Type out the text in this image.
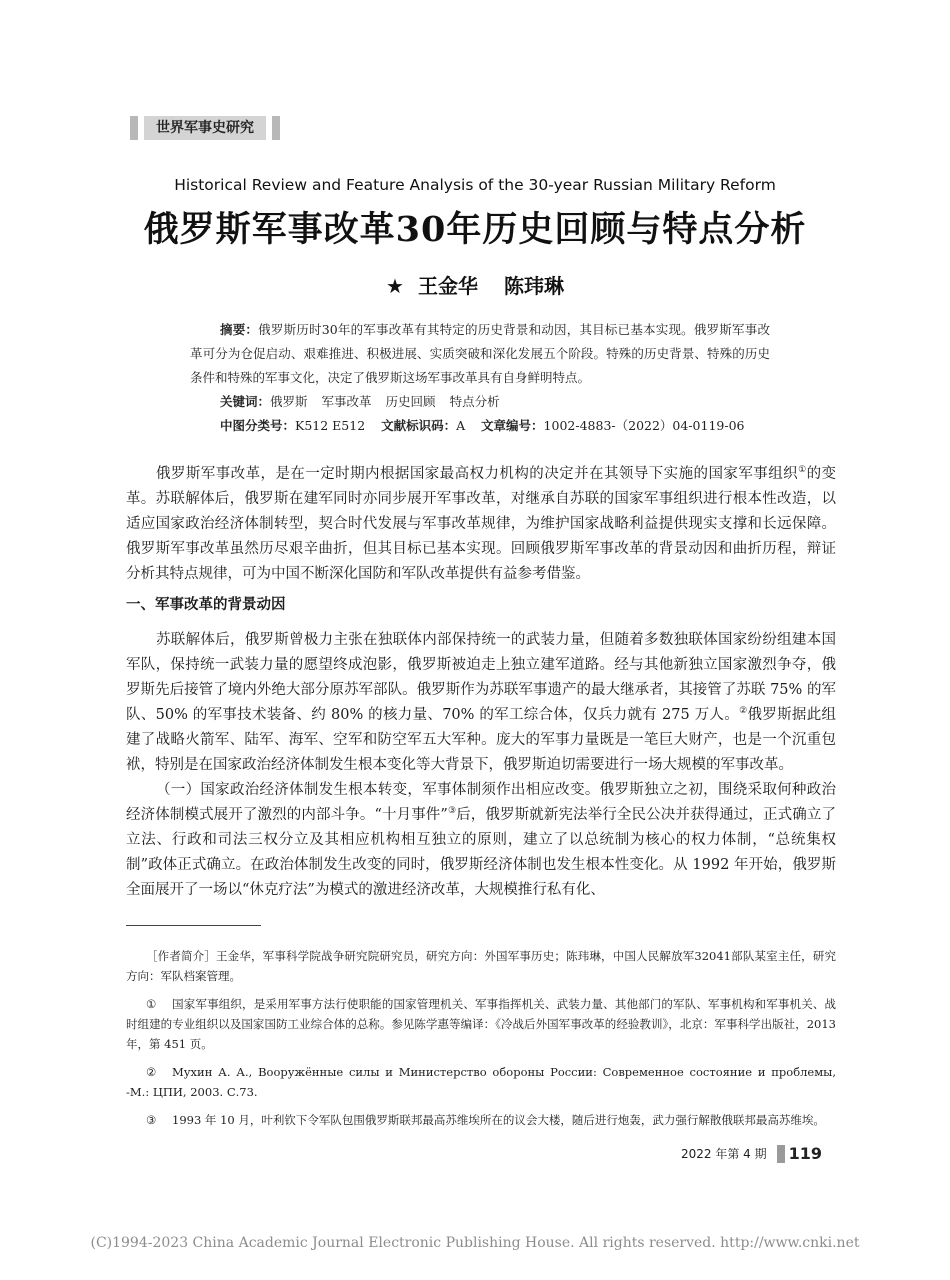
世界军事史研究
Historical Review and Feature Analysis of the 30-year Russian Military Reform
俄罗斯军事改革30年历史回顾与特点分析
★ 王金华 陈玮琳

摘要：俄罗斯历时30年的军事改革有其特定的历史背景和动因，其目标已基本实现。俄罗斯军事改革可分为仓促启动、艰难推进、积极进展、实质突破和深化发展五个阶段。特殊的历史背景、特殊的历史条件和特殊的军事文化，决定了俄罗斯这场军事改革具有自身鲜明特点。

关键词：俄罗斯 军事改革 历史回顾 特点分析

中图分类号：K512 E512 文献标识码：A 文章编号：1002-4883-（2022）04-0119-06

俄罗斯军事改革，是在一定时期内根据国家最高权力机构的决定并在其领导下实施的国家军事组织①的变革。苏联解体后，俄罗斯在建军同时亦同步展开军事改革，对继承自苏联的国家军事组织进行根本性改造，以适应国家政治经济体制转型，契合时代发展与军事改革规律，为维护国家战略利益提供现实支撑和长远保障。俄罗斯军事改革虽然历尽艰辛曲折，但其目标已基本实现。回顾俄罗斯军事改革的背景动因和曲折历程，辩证分析其特点规律，可为中国不断深化国防和军队改革提供有益参考借鉴。

一、军事改革的背景动因

苏联解体后，俄罗斯曾极力主张在独联体内部保持统一的武装力量，但随着多数独联体国家纷纷组建本国军队，保持统一武装力量的愿望终成泡影，俄罗斯被迫走上独立建军道路。经与其他新独立国家激烈争夺，俄罗斯先后接管了境内外绝大部分原苏军部队。俄罗斯作为苏联军事遗产的最大继承者，其接管了苏联 75% 的军队、50% 的军事技术装备、约 80% 的核力量、70% 的军工综合体，仅兵力就有 275 万人。②俄罗斯据此组建了战略火箭军、陆军、海军、空军和防空军五大军种。庞大的军事力量既是一笔巨大财产，也是一个沉重包袱，特别是在国家政治经济体制发生根本变化等大背景下，俄罗斯迫切需要进行一场大规模的军事改革。

（一）国家政治经济体制发生根本转变，军事体制须作出相应改变。俄罗斯独立之初，围绕采取何种政治经济体制模式展开了激烈的内部斗争。“十月事件”③后，俄罗斯就新宪法举行全民公决并获得通过，正式确立了立法、行政和司法三权分立及其相应机构相互独立的原则，建立了以总统制为核心的权力体制，“总统集权制”政体正式确立。在政治体制发生改变的同时，俄罗斯经济体制也发生根本性变化。从 1992 年开始，俄罗斯全面展开了一场以“休克疗法”为模式的激进经济改革，大规模推行私有化、

［作者简介］王金华，军事科学院战争研究院研究员，研究方向：外国军事历史；陈玮琳，中国人民解放军32041部队某室主任，研究方向：军队档案管理。

① 国家军事组织，是采用军事方法行使职能的国家管理机关、军事指挥机关、武装力量、其他部门的军队、军事机构和军事机关、战时组建的专业组织以及国家国防工业综合体的总称。参见陈学惠等编译：《冷战后外国军事改革的经验教训》，北京：军事科学出版社，2013 年，第 451 页。

② Мухин А. А., Вооружённые силы и Министерство обороны России: Современное состояние и проблемы, -М.: ЦПИ, 2003. С.73.

③ 1993 年 10 月，叶利钦下令军队包围俄罗斯联邦最高苏维埃所在的议会大楼，随后进行炮轰，武力强行解散俄联邦最高苏维埃。

2022 年第 4 期 119
(C)1994-2023 China Academic Journal Electronic Publishing House. All rights reserved. http://www.cnki.net
